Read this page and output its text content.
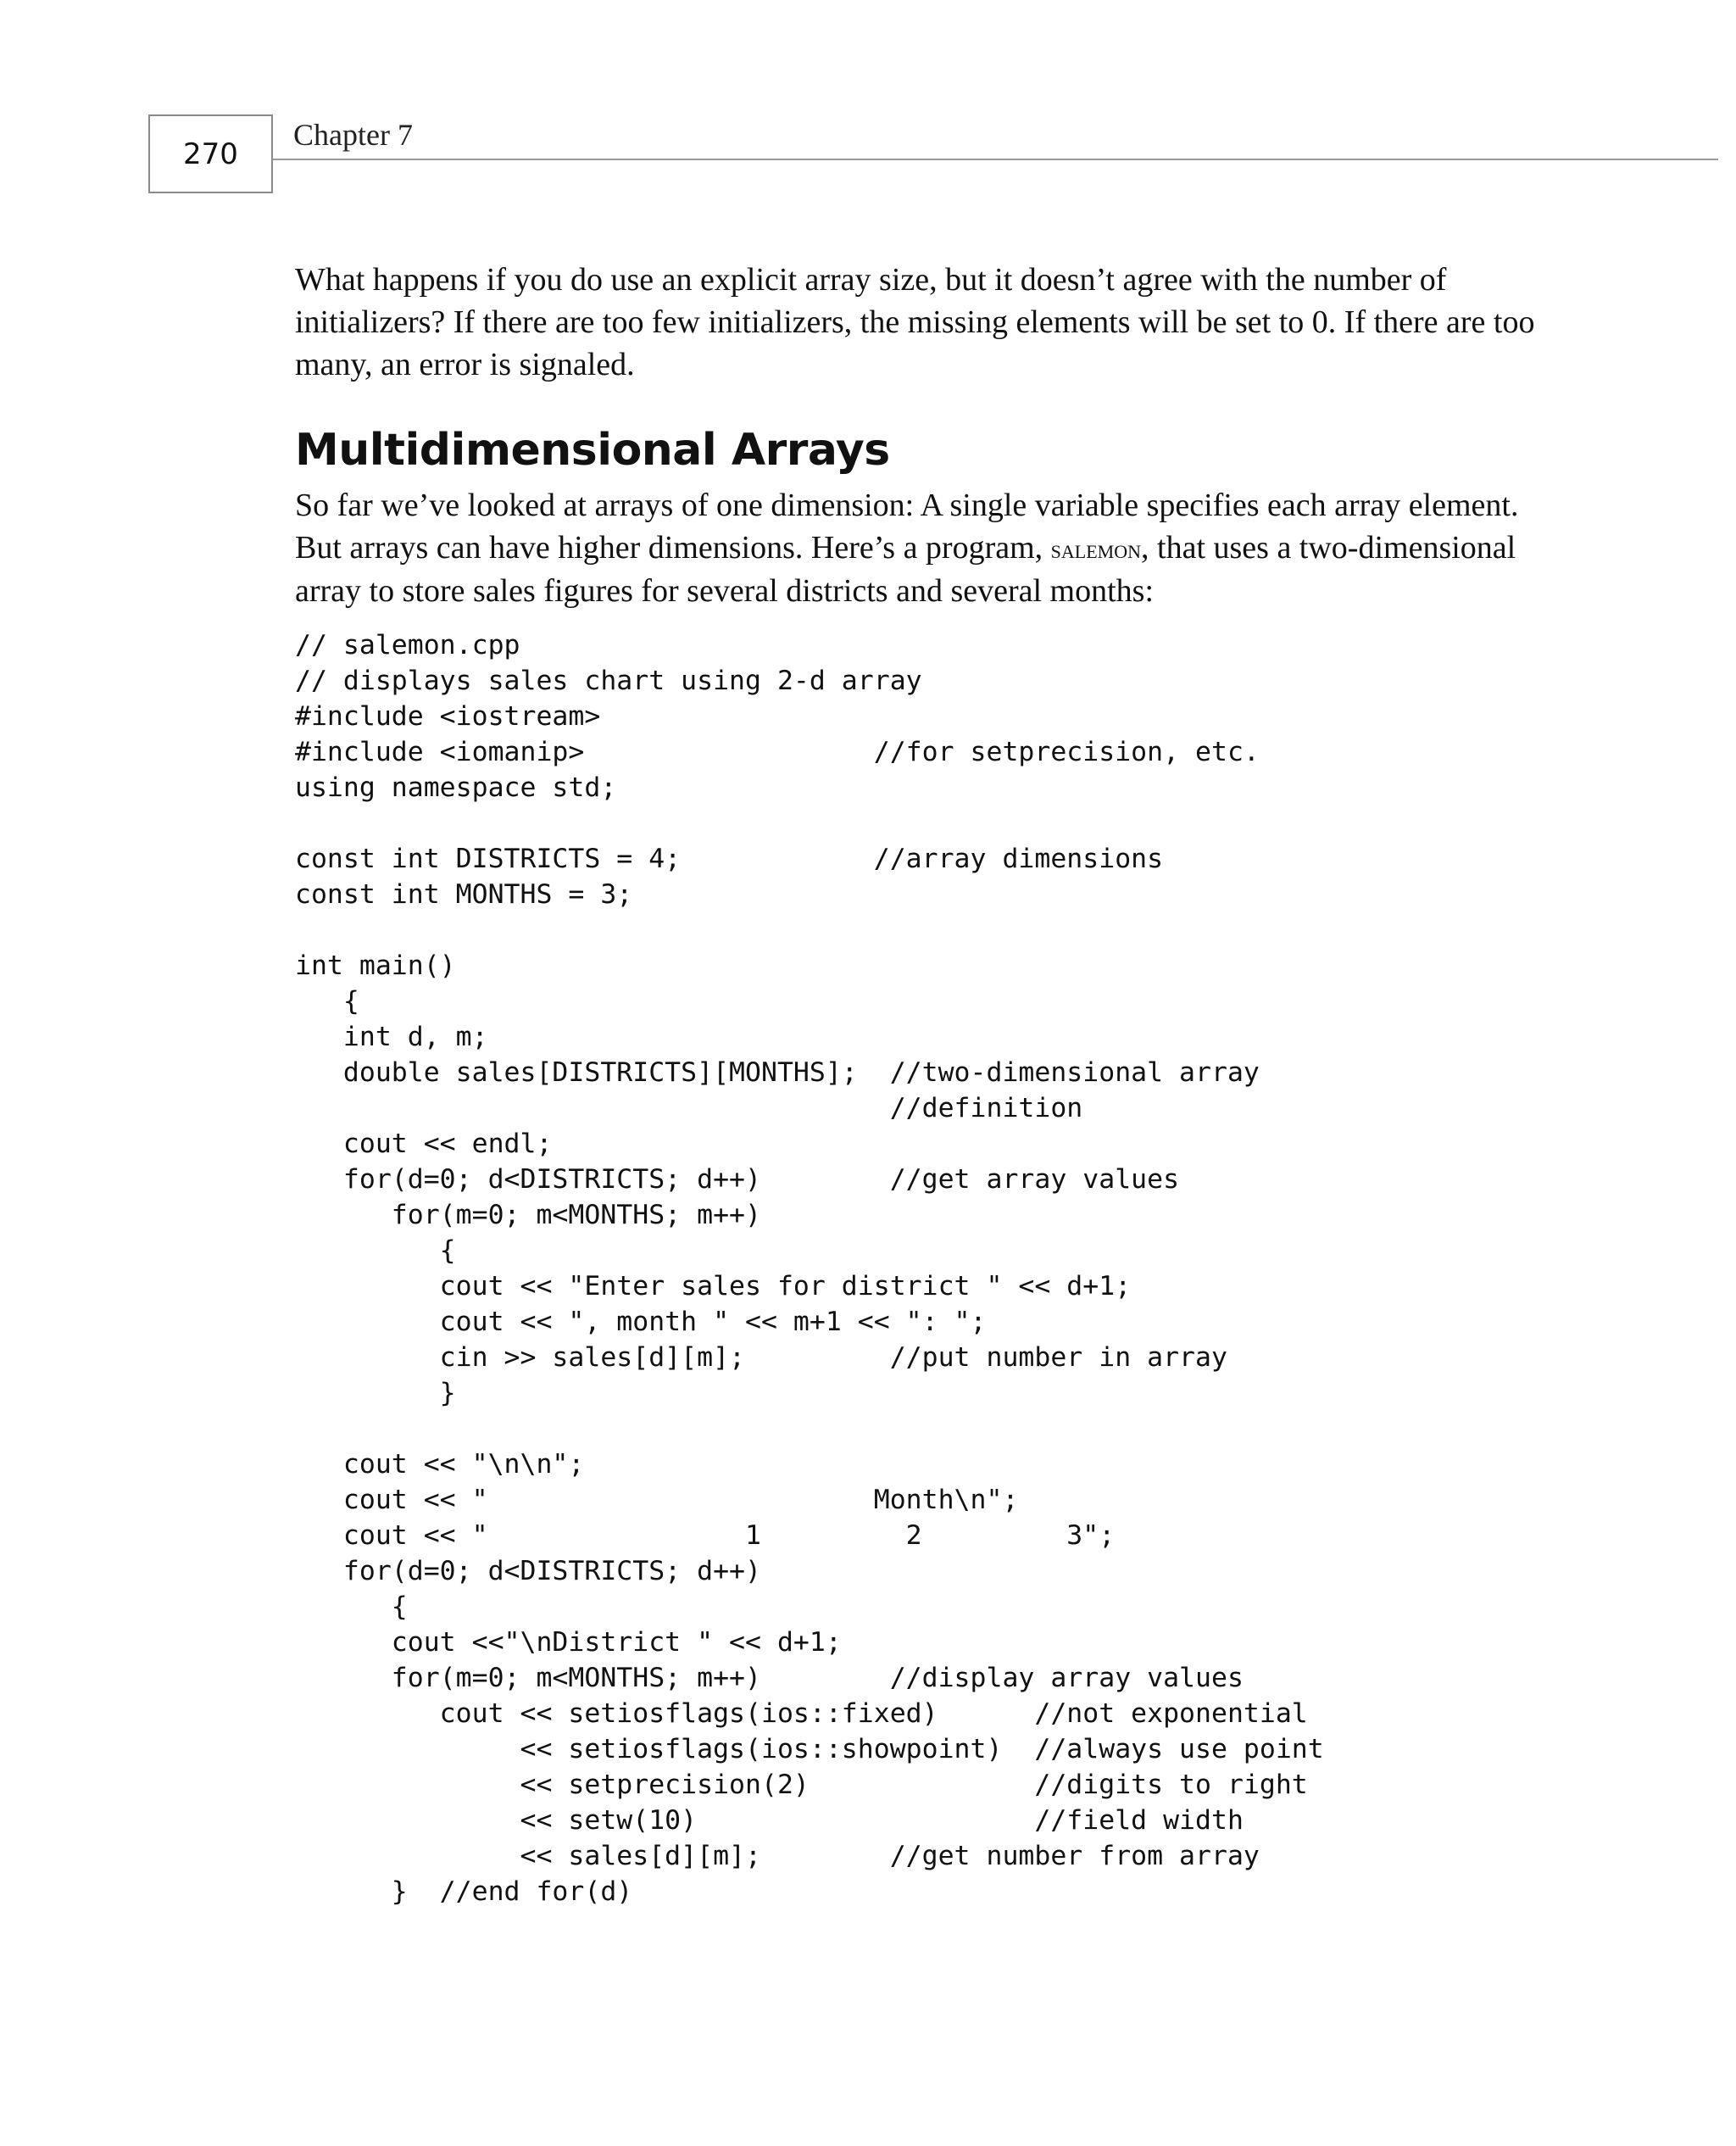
270
Chapter 7

What happens if you do use an explicit array size, but it doesn’t agree with the number of initializers? If there are too few initializers, the missing elements will be set to 0. If there are too many, an error is signaled.

Multidimensional Arrays

So far we’ve looked at arrays of one dimension: A single variable specifies each array element. But arrays can have higher dimensions. Here’s a program, salemon, that uses a two-dimensional array to store sales figures for several districts and several months:

// salemon.cpp
// displays sales chart using 2-d array
#include <iostream>
#include <iomanip>                  //for setprecision, etc.
using namespace std;
const int DISTRICTS = 4;            //array dimensions
const int MONTHS = 3;
int main()
{
int d, m;
double sales[DISTRICTS][MONTHS];  //two-dimensional array
//definition
cout << endl;
for(d=0; d<DISTRICTS; d++)        //get array values
for(m=0; m<MONTHS; m++)
{
cout << "Enter sales for district " << d+1;
cout << ", month " << m+1 << ": ";
cin >> sales[d][m];         //put number in array
}
cout << "\n\n";
cout << "                        Month\n";
cout << "                1         2         3";
for(d=0; d<DISTRICTS; d++)
{
cout <<"\nDistrict " << d+1;
for(m=0; m<MONTHS; m++)        //display array values
cout << setiosflags(ios::fixed)      //not exponential
<< setiosflags(ios::showpoint)  //always use point
<< setprecision(2)              //digits to right
<< setw(10)                     //field width
<< sales[d][m];        //get number from array
}  //end for(d)
